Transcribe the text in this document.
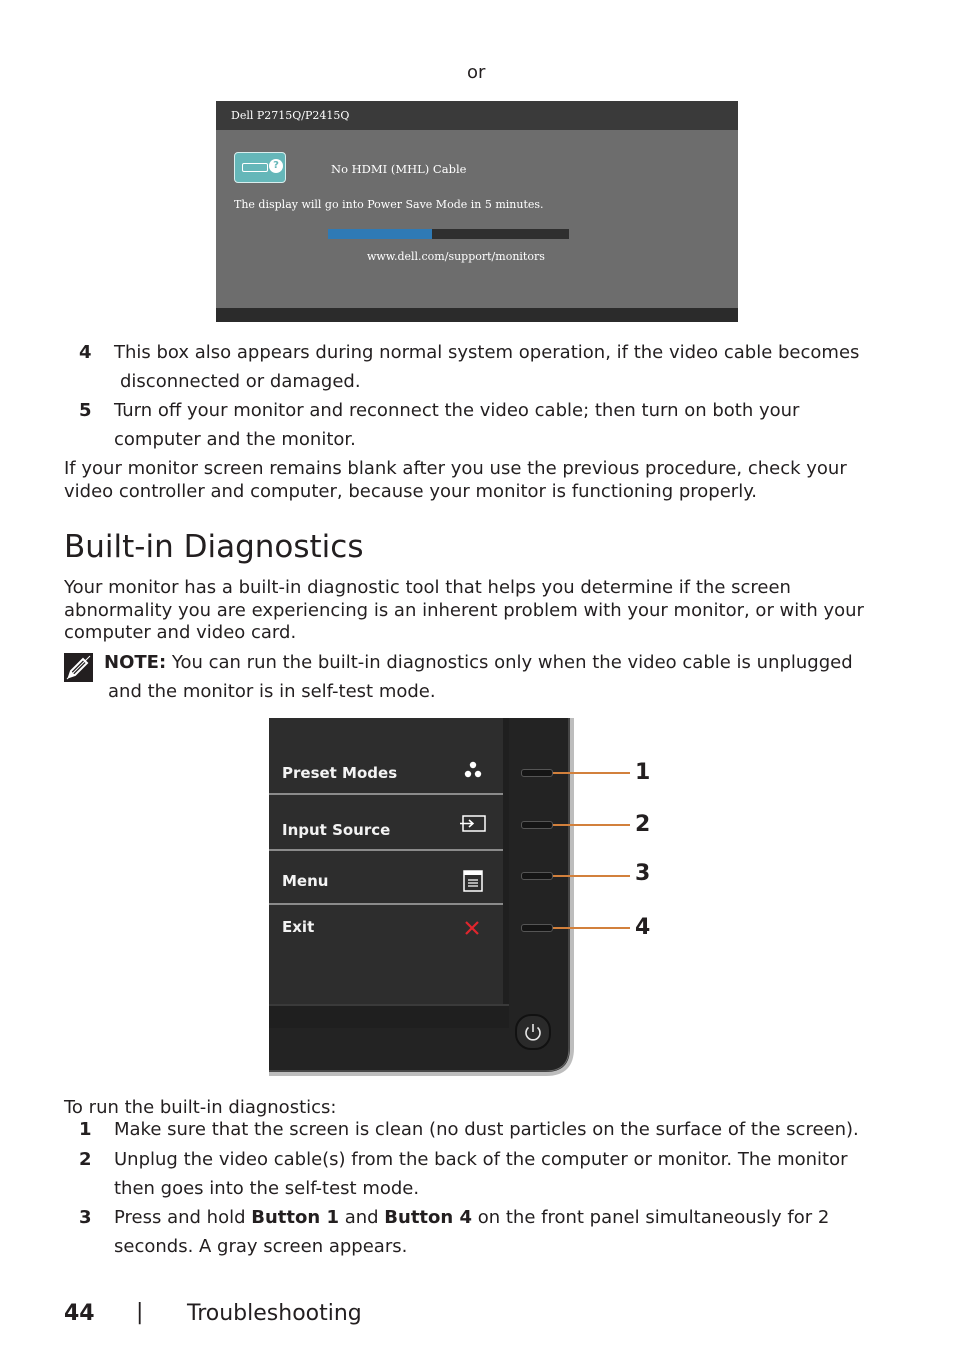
or
Dell P2715Q/P2415Q
?	No HDMI (MHL) Cable
The display will go into Power Save Mode in 5 minutes.
www.dell.com/support/monitors
4 This box also appears during normal system operation, if the video cable becomes
disconnected or damaged.
5 Turn off your monitor and reconnect the video cable; then turn on both your
computer and the monitor.
If your monitor screen remains blank after you use the previous procedure, check your
video controller and computer, because your monitor is functioning properly.
Built-in Diagnostics
Your monitor has a built-in diagnostic tool that helps you determine if the screen
abnormality you are experiencing is an inherent problem with your monitor, or with your
computer and video card.
NOTE: You can run the built-in diagnostics only when the video cable is unplugged
and the monitor is in self-test mode.
Preset Modes
Input Source
Menu
Exit
1
2
3
4
To run the built-in diagnostics:
1 Make sure that the screen is clean (no dust particles on the surface of the screen).
2 Unplug the video cable(s) from the back of the computer or monitor. The monitor
then goes into the self-test mode.
3 Press and hold Button 1 and Button 4 on the front panel simultaneously for 2
seconds. A gray screen appears.
44 | Troubleshooting
